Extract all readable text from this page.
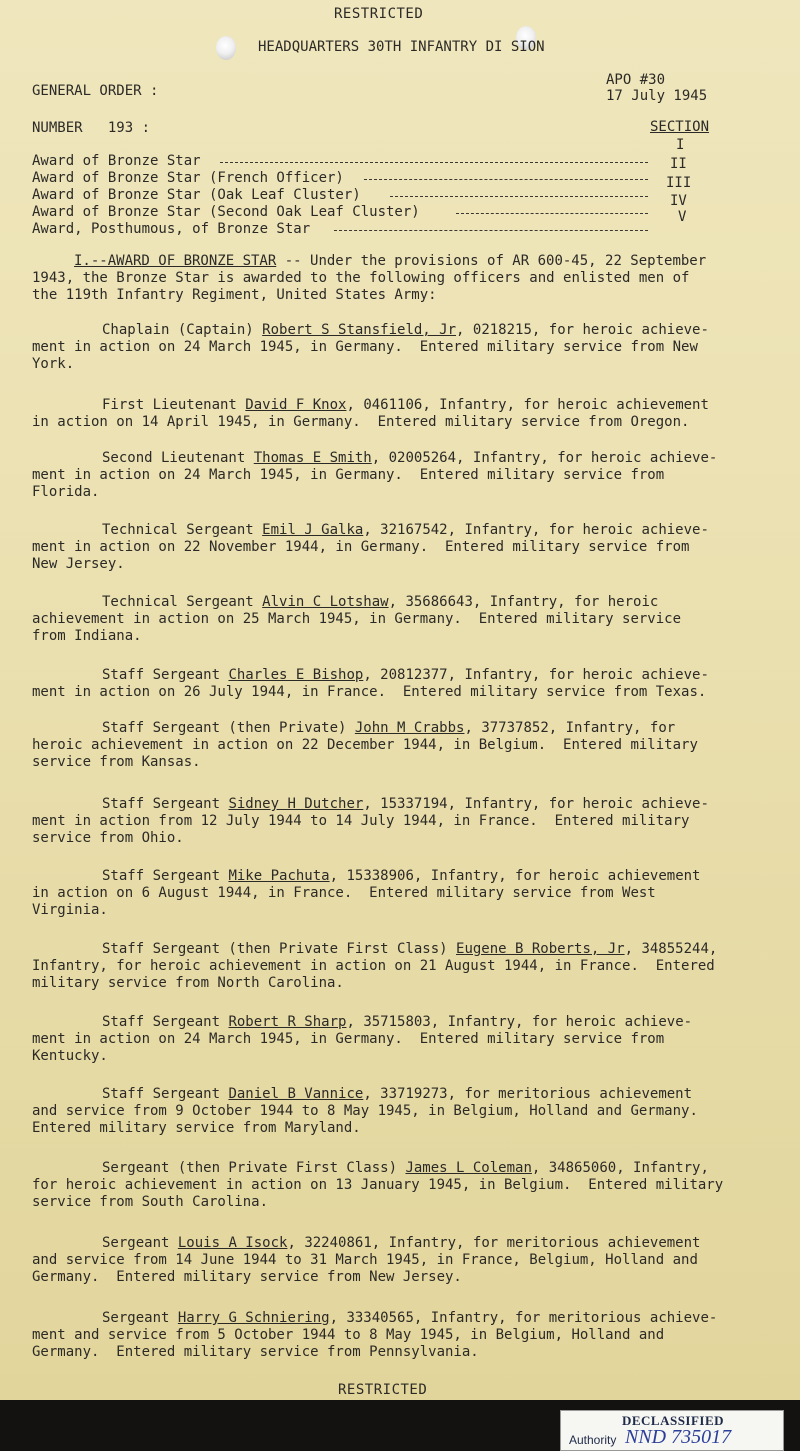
RESTRICTED
HEADQUARTERS 30TH INFANTRY DI SION
GENERAL ORDER :
APO #30
17 July 1945
NUMBER   193 :	SECTION
Award of Bronze Star
I
Award of Bronze Star (French Officer)
II
Award of Bronze Star (Oak Leaf Cluster)
III
Award of Bronze Star (Second Oak Leaf Cluster)
IV
Award, Posthumous, of Bronze Star
V
I.--AWARD OF BRONZE STAR -- Under the provisions of AR 600-45, 22 September
1943, the Bronze Star is awarded to the following officers and enlisted men of
the 119th Infantry Regiment, United States Army:
Chaplain (Captain) Robert S Stansfield, Jr, 0218215, for heroic achieve-
ment in action on 24 March 1945, in Germany.  Entered military service from New
York.
First Lieutenant David F Knox, 0461106, Infantry, for heroic achievement
in action on 14 April 1945, in Germany.  Entered military service from Oregon.
Second Lieutenant Thomas E Smith, 02005264, Infantry, for heroic achieve-
ment in action on 24 March 1945, in Germany.  Entered military service from
Florida.
Technical Sergeant Emil J Galka, 32167542, Infantry, for heroic achieve-
ment in action on 22 November 1944, in Germany.  Entered military service from
New Jersey.
Technical Sergeant Alvin C Lotshaw, 35686643, Infantry, for heroic
achievement in action on 25 March 1945, in Germany.  Entered military service
from Indiana.
Staff Sergeant Charles E Bishop, 20812377, Infantry, for heroic achieve-
ment in action on 26 July 1944, in France.  Entered military service from Texas.
Staff Sergeant (then Private) John M Crabbs, 37737852, Infantry, for
heroic achievement in action on 22 December 1944, in Belgium.  Entered military
service from Kansas.
Staff Sergeant Sidney H Dutcher, 15337194, Infantry, for heroic achieve-
ment in action from 12 July 1944 to 14 July 1944, in France.  Entered military
service from Ohio.
Staff Sergeant Mike Pachuta, 15338906, Infantry, for heroic achievement
in action on 6 August 1944, in France.  Entered military service from West
Virginia.
Staff Sergeant (then Private First Class) Eugene B Roberts, Jr, 34855244,
Infantry, for heroic achievement in action on 21 August 1944, in France.  Entered
military service from North Carolina.
Staff Sergeant Robert R Sharp, 35715803, Infantry, for heroic achieve-
ment in action on 24 March 1945, in Germany.  Entered military service from
Kentucky.
Staff Sergeant Daniel B Vannice, 33719273, for meritorious achievement
and service from 9 October 1944 to 8 May 1945, in Belgium, Holland and Germany.
Entered military service from Maryland.
Sergeant (then Private First Class) James L Coleman, 34865060, Infantry,
for heroic achievement in action on 13 January 1945, in Belgium.  Entered military
service from South Carolina.
Sergeant Louis A Isock, 32240861, Infantry, for meritorious achievement
and service from 14 June 1944 to 31 March 1945, in France, Belgium, Holland and
Germany.  Entered military service from New Jersey.
Sergeant Harry G Schniering, 33340565, Infantry, for meritorious achieve-
ment and service from 5 October 1944 to 8 May 1945, in Belgium, Holland and
Germany.  Entered military service from Pennsylvania.
RESTRICTED
DECLASSIFIED
Authority NND 735017
